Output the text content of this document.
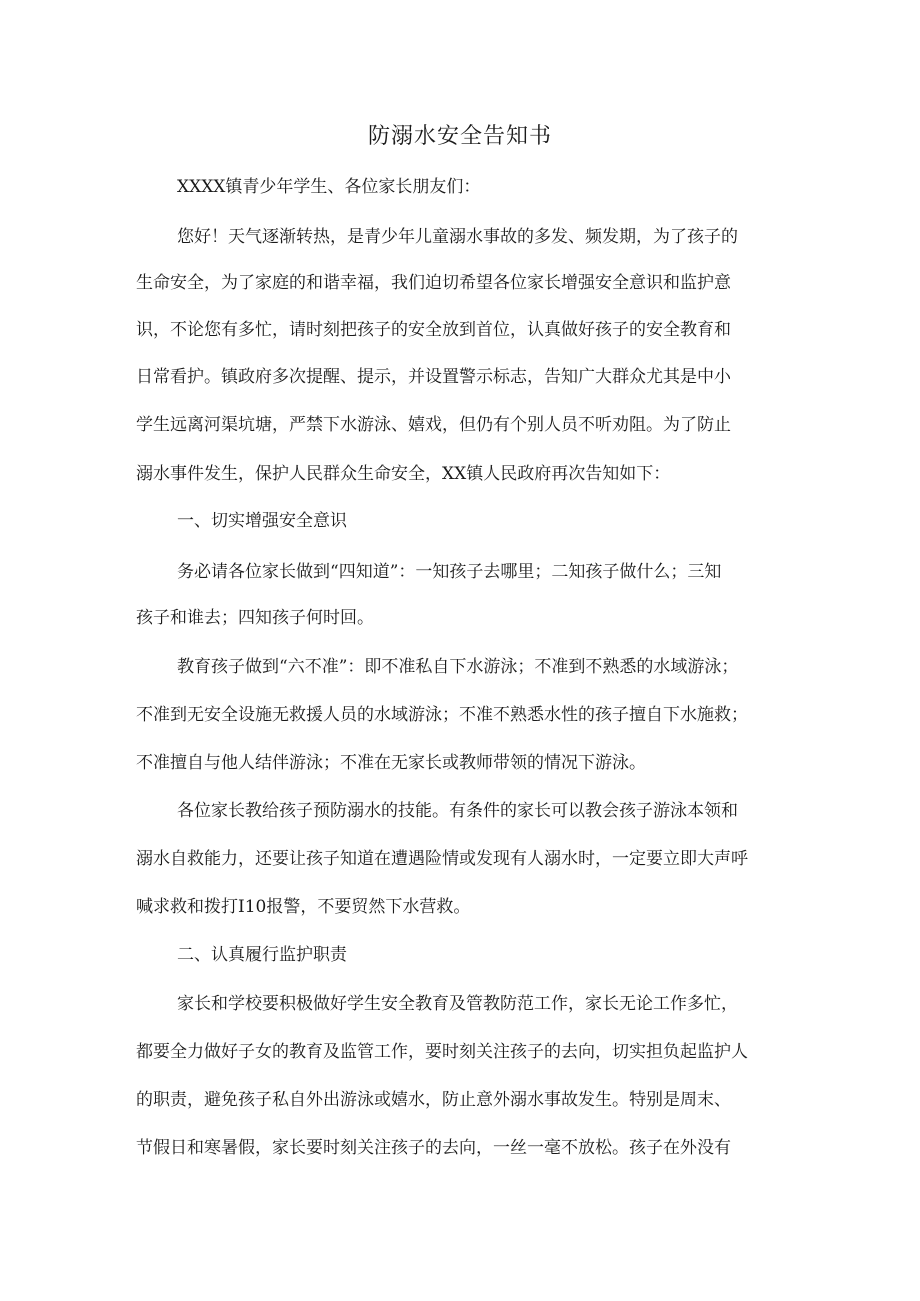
防溺水安全告知书
XXXX镇青少年学生、各位家长朋友们：
您好！天气逐渐转热，是青少年儿童溺水事故的多发、频发期，为了孩子的
生命安全，为了家庭的和谐幸福，我们迫切希望各位家长增强安全意识和监护意
识，不论您有多忙，请时刻把孩子的安全放到首位，认真做好孩子的安全教育和
日常看护。镇政府多次提醒、提示，并设置警示标志，告知广大群众尤其是中小
学生远离河渠坑塘，严禁下水游泳、嬉戏，但仍有个别人员不听劝阻。为了防止
溺水事件发生，保护人民群众生命安全，XX镇人民政府再次告知如下：
一、切实增强安全意识
务必请各位家长做到“四知道”：一知孩子去哪里；二知孩子做什么；三知
孩子和谁去；四知孩子何时回。
教育孩子做到“六不准”：即不准私自下水游泳；不准到不熟悉的水域游泳；
不准到无安全设施无救援人员的水域游泳；不准不熟悉水性的孩子擅自下水施救；
不准擅自与他人结伴游泳；不准在无家长或教师带领的情况下游泳。
各位家长教给孩子预防溺水的技能。有条件的家长可以教会孩子游泳本领和
溺水自救能力，还要让孩子知道在遭遇险情或发现有人溺水时，一定要立即大声呼
喊求救和拨打I10报警，不要贸然下水营救。
二、认真履行监护职责
家长和学校要积极做好学生安全教育及管教防范工作，家长无论工作多忙，
都要全力做好子女的教育及监管工作，要时刻关注孩子的去向，切实担负起监护人
的职责，避免孩子私自外出游泳或嬉水，防止意外溺水事故发生。特别是周末、
节假日和寒暑假，家长要时刻关注孩子的去向，一丝一毫不放松。孩子在外没有
